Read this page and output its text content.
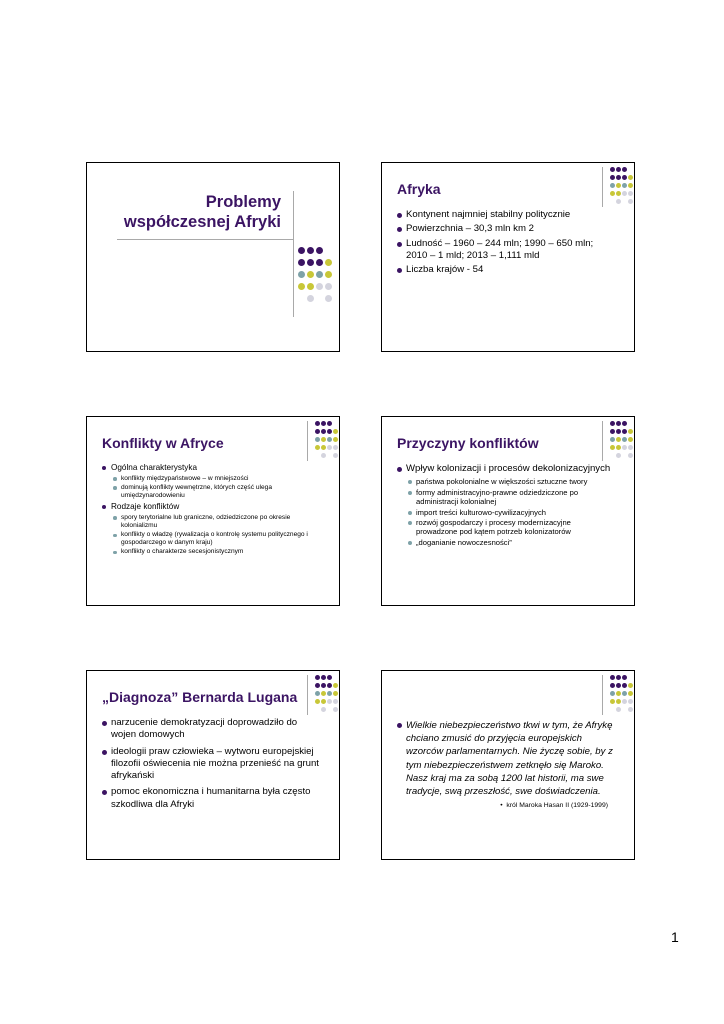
Problemy
współczesnej Afryki
Afryka
Kontynent najmniej stabilny politycznie
Powierzchnia – 30,3 mln km 2
Ludność – 1960 – 244 mln; 1990 – 650 mln; 2010 – 1 mld; 2013 – 1,111 mld
Liczba krajów - 54
Konflikty w Afryce
Ogólna charakterystyka
konflikty międzypaństwowe – w mniejszości
dominują konflikty wewnętrzne, których część ulega umiędzynarodowieniu
Rodzaje konfliktów
spory terytorialne lub graniczne, odziedziczone po okresie kolonializmu
konflikty o władzę (rywalizacja o kontrolę systemu politycznego i gospodarczego w danym kraju)
konflikty o charakterze secesjonistycznym
Przyczyny konfliktów
Wpływ kolonizacji i procesów dekolonizacyjnych
państwa pokolonialne w większości sztuczne twory
formy administracyjno-prawne odziedziczone po administracji kolonialnej
import treści kulturowo-cywilizacyjnych
rozwój gospodarczy i procesy modernizacyjne prowadzone pod kątem potrzeb kolonizatorów
„doganianie nowoczesności”
„Diagnoza” Bernarda Lugana
narzucenie demokratyzacji doprowadziło do wojen domowych
ideologii praw człowieka – wytworu europejskiej filozofii oświecenia nie można przenieść na grunt afrykański
pomoc ekonomiczna i humanitarna była często szkodliwa dla Afryki
Wielkie niebezpieczeństwo tkwi w tym, że Afrykę chciano zmusić do przyjęcia europejskich wzorców parlamentarnych. Nie życzę sobie, by z tym niebezpieczeństwem zetknęło się Maroko. Nasz kraj ma za sobą 1200 lat historii, ma swe tradycje, swą przeszłość, swe doświadczenia.
•  król Maroka Hasan II (1929-1999)
1
